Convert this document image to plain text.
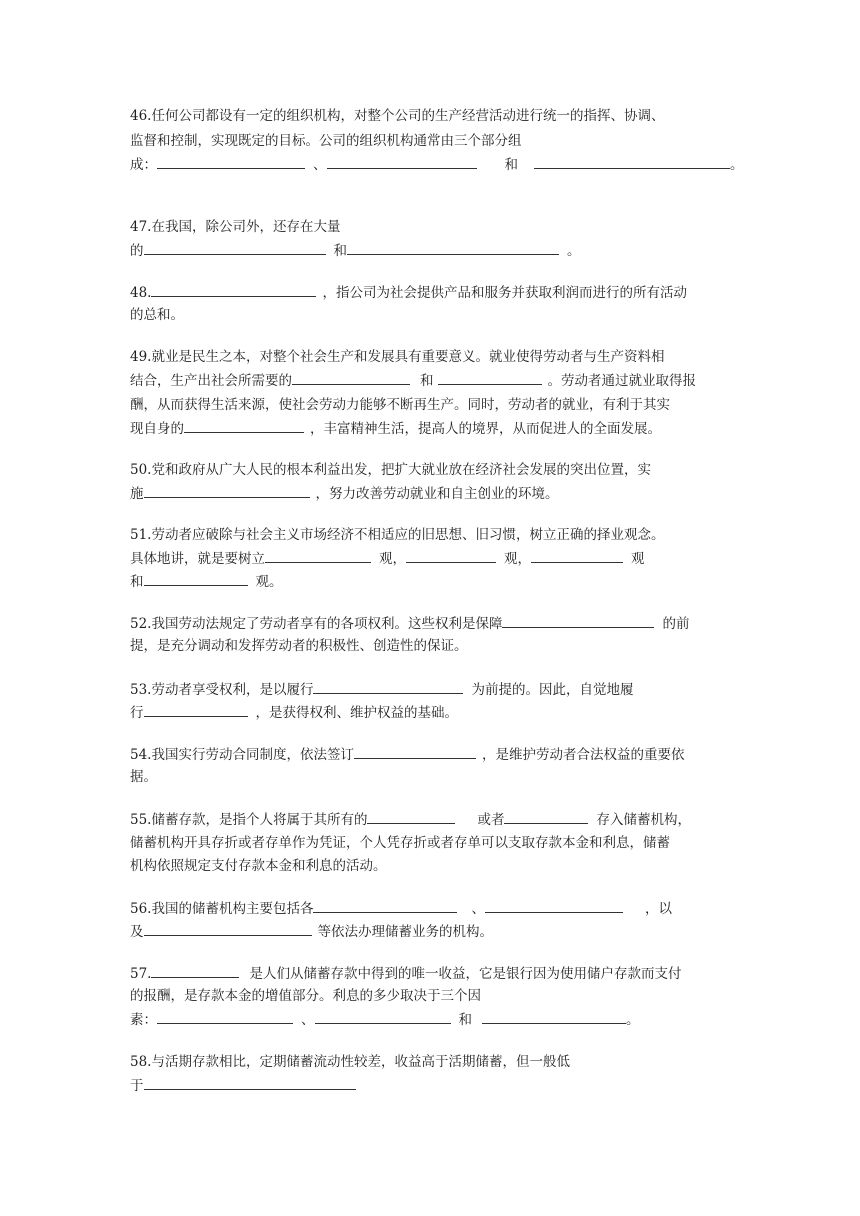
46.任何公司都设有一定的组织机构，对整个公司的生产经营活动进行统一的指挥、协调、
监督和控制，实现既定的目标。公司的组织机构通常由三个部分组
成：	、	和	。
47.在我国，除公司外，还存在大量
的	和	。
48.	，指公司为社会提供产品和服务并获取利润而进行的所有活动
的总和。
49.就业是民生之本，对整个社会生产和发展具有重要意义。就业使得劳动者与生产资料相
结合，生产出社会所需要的	和	。劳动者通过就业取得报
酬，从而获得生活来源，使社会劳动力能够不断再生产。同时，劳动者的就业，有利于其实
现自身的	，丰富精神生活，提高人的境界，从而促进人的全面发展。
50.党和政府从广大人民的根本利益出发，把扩大就业放在经济社会发展的突出位置，实
施	，努力改善劳动就业和自主创业的环境。
51.劳动者应破除与社会主义市场经济不相适应的旧思想、旧习惯，树立正确的择业观念。
具体地讲，就是要树立	观，	观，	观
和	观。
52.我国劳动法规定了劳动者享有的各项权利。这些权利是保障	的前
提，是充分调动和发挥劳动者的积极性、创造性的保证。
53.劳动者享受权利，是以履行	为前提的。因此，自觉地履
行	，是获得权利、维护权益的基础。
54.我国实行劳动合同制度，依法签订	，是维护劳动者合法权益的重要依
据。
55.储蓄存款，是指个人将属于其所有的	或者	存入储蓄机构，
储蓄机构开具存折或者存单作为凭证，个人凭存折或者存单可以支取存款本金和利息，储蓄
机构依照规定支付存款本金和利息的活动。
56.我国的储蓄机构主要包括各	、	，以
及	等依法办理储蓄业务的机构。
57.	是人们从储蓄存款中得到的唯一收益，它是银行因为使用储户存款而支付
的报酬，是存款本金的增值部分。利息的多少取决于三个因
素：	、	和	。
58.与活期存款相比，定期储蓄流动性较差，收益高于活期储蓄，但一般低
于
